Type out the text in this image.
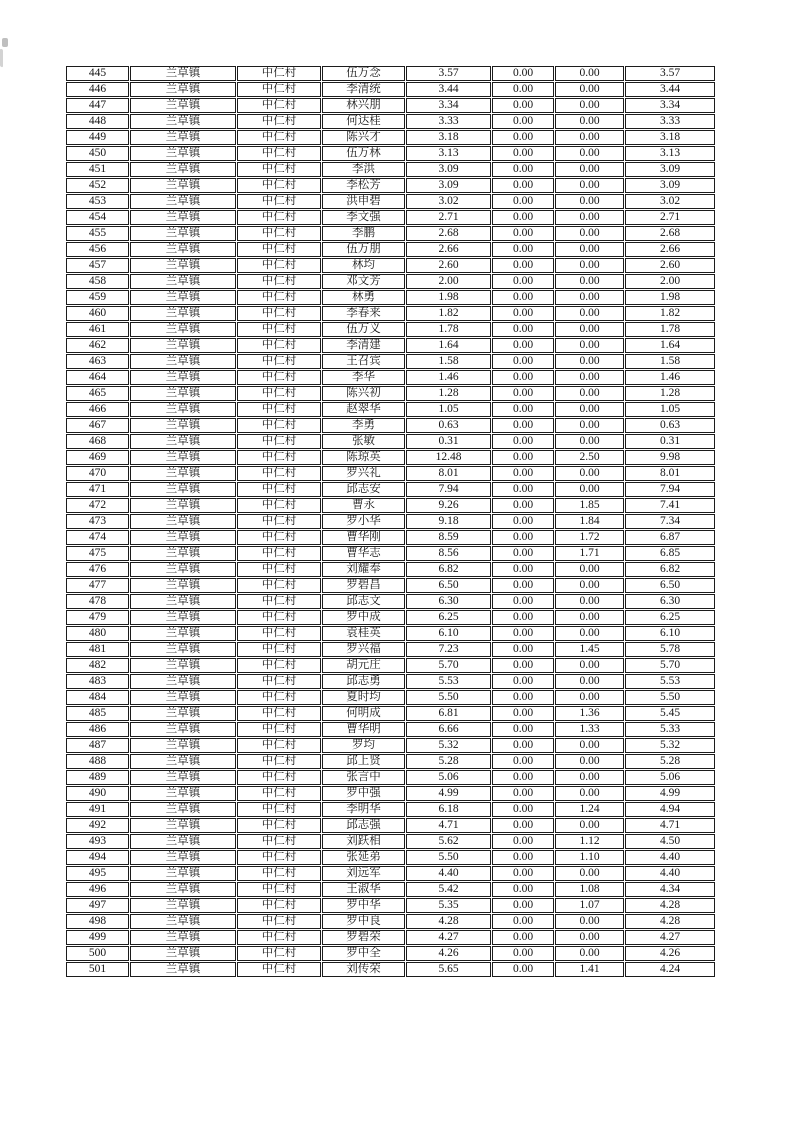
445	兰草镇	中仁村	伍万念	3.57	0.00	0.00	3.57
446	兰草镇	中仁村	李清统	3.44	0.00	0.00	3.44
447	兰草镇	中仁村	林兴朋	3.34	0.00	0.00	3.34
448	兰草镇	中仁村	何达桂	3.33	0.00	0.00	3.33
449	兰草镇	中仁村	陈兴才	3.18	0.00	0.00	3.18
450	兰草镇	中仁村	伍万林	3.13	0.00	0.00	3.13
451	兰草镇	中仁村	李洪	3.09	0.00	0.00	3.09
452	兰草镇	中仁村	李松芳	3.09	0.00	0.00	3.09
453	兰草镇	中仁村	洪申碧	3.02	0.00	0.00	3.02
454	兰草镇	中仁村	李文强	2.71	0.00	0.00	2.71
455	兰草镇	中仁村	李鹏	2.68	0.00	0.00	2.68
456	兰草镇	中仁村	伍万朋	2.66	0.00	0.00	2.66
457	兰草镇	中仁村	林均	2.60	0.00	0.00	2.60
458	兰草镇	中仁村	邓文芳	2.00	0.00	0.00	2.00
459	兰草镇	中仁村	林勇	1.98	0.00	0.00	1.98
460	兰草镇	中仁村	李春来	1.82	0.00	0.00	1.82
461	兰草镇	中仁村	伍万义	1.78	0.00	0.00	1.78
462	兰草镇	中仁村	李清建	1.64	0.00	0.00	1.64
463	兰草镇	中仁村	王召宾	1.58	0.00	0.00	1.58
464	兰草镇	中仁村	李华	1.46	0.00	0.00	1.46
465	兰草镇	中仁村	陈兴初	1.28	0.00	0.00	1.28
466	兰草镇	中仁村	赵翠华	1.05	0.00	0.00	1.05
467	兰草镇	中仁村	李勇	0.63	0.00	0.00	0.63
468	兰草镇	中仁村	张敏	0.31	0.00	0.00	0.31
469	兰草镇	中仁村	陈琼英	12.48	0.00	2.50	9.98
470	兰草镇	中仁村	罗兴礼	8.01	0.00	0.00	8.01
471	兰草镇	中仁村	邱志安	7.94	0.00	0.00	7.94
472	兰草镇	中仁村	曹永	9.26	0.00	1.85	7.41
473	兰草镇	中仁村	罗小华	9.18	0.00	1.84	7.34
474	兰草镇	中仁村	曹华刚	8.59	0.00	1.72	6.87
475	兰草镇	中仁村	曹华志	8.56	0.00	1.71	6.85
476	兰草镇	中仁村	刘耀奉	6.82	0.00	0.00	6.82
477	兰草镇	中仁村	罗碧昌	6.50	0.00	0.00	6.50
478	兰草镇	中仁村	邱志文	6.30	0.00	0.00	6.30
479	兰草镇	中仁村	罗中成	6.25	0.00	0.00	6.25
480	兰草镇	中仁村	袁桂英	6.10	0.00	0.00	6.10
481	兰草镇	中仁村	罗兴福	7.23	0.00	1.45	5.78
482	兰草镇	中仁村	胡元庄	5.70	0.00	0.00	5.70
483	兰草镇	中仁村	邱志勇	5.53	0.00	0.00	5.53
484	兰草镇	中仁村	夏时均	5.50	0.00	0.00	5.50
485	兰草镇	中仁村	何明成	6.81	0.00	1.36	5.45
486	兰草镇	中仁村	曹华明	6.66	0.00	1.33	5.33
487	兰草镇	中仁村	罗均	5.32	0.00	0.00	5.32
488	兰草镇	中仁村	邱上贤	5.28	0.00	0.00	5.28
489	兰草镇	中仁村	张言中	5.06	0.00	0.00	5.06
490	兰草镇	中仁村	罗中强	4.99	0.00	0.00	4.99
491	兰草镇	中仁村	李明华	6.18	0.00	1.24	4.94
492	兰草镇	中仁村	邱志强	4.71	0.00	0.00	4.71
493	兰草镇	中仁村	刘跃相	5.62	0.00	1.12	4.50
494	兰草镇	中仁村	张延弟	5.50	0.00	1.10	4.40
495	兰草镇	中仁村	刘远军	4.40	0.00	0.00	4.40
496	兰草镇	中仁村	王淑华	5.42	0.00	1.08	4.34
497	兰草镇	中仁村	罗中华	5.35	0.00	1.07	4.28
498	兰草镇	中仁村	罗中良	4.28	0.00	0.00	4.28
499	兰草镇	中仁村	罗碧荣	4.27	0.00	0.00	4.27
500	兰草镇	中仁村	罗中全	4.26	0.00	0.00	4.26
501	兰草镇	中仁村	刘传荣	5.65	0.00	1.41	4.24
